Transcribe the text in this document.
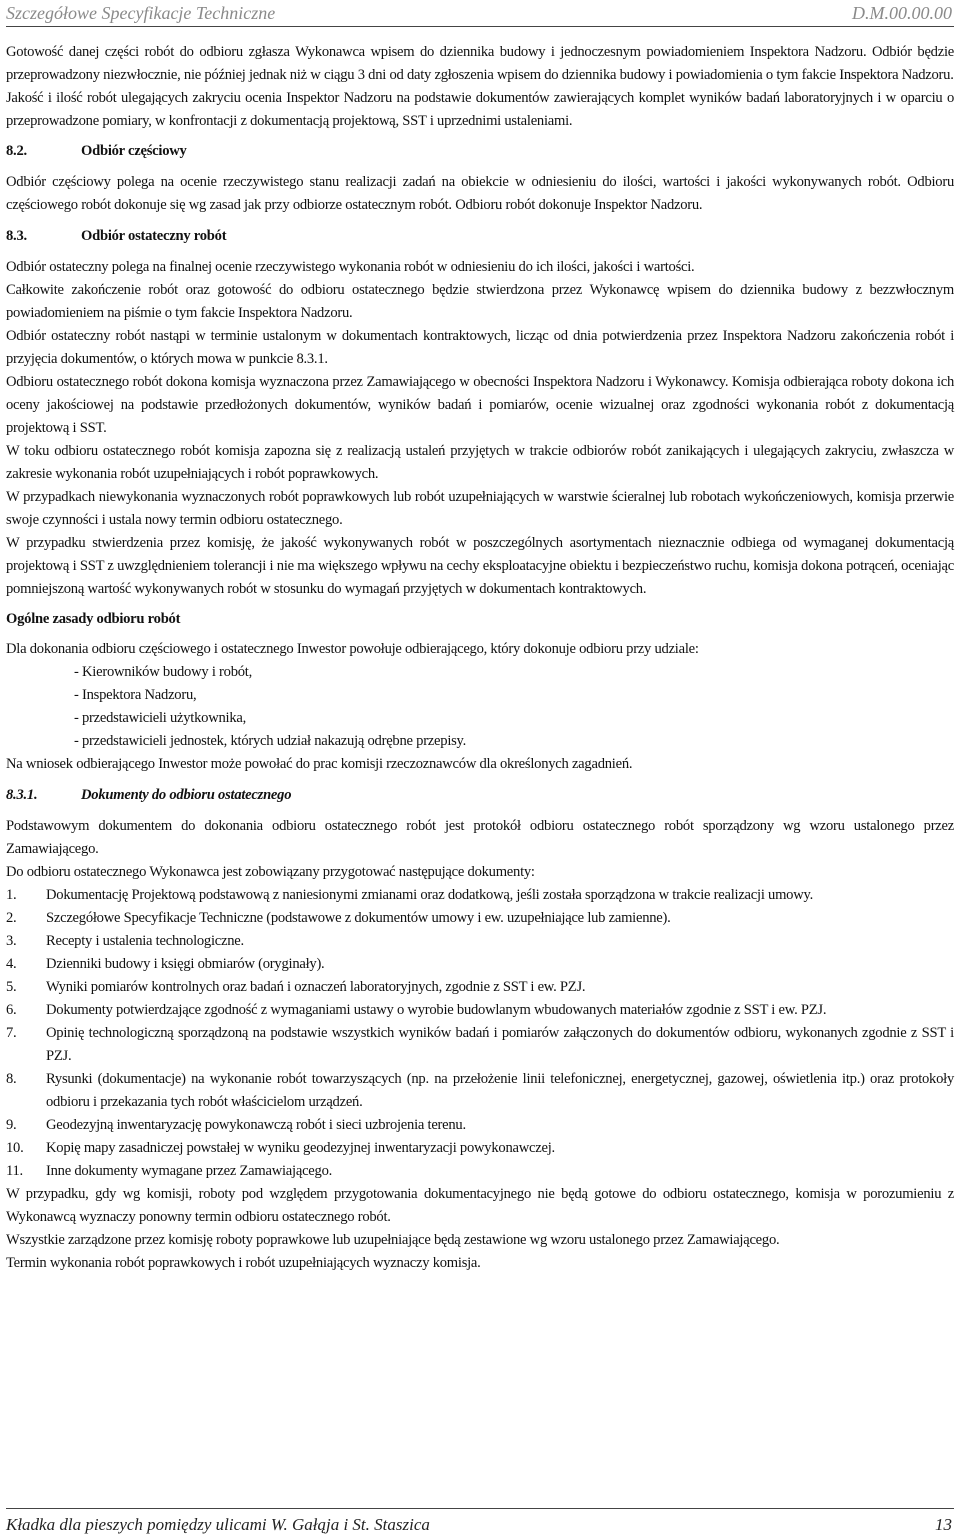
Szczegółowe Specyfikacje Techniczne	D.M.00.00.00

Gotowość danej części robót do odbioru zgłasza Wykonawca wpisem do dziennika budowy i jednoczesnym powiadomieniem Inspektora Nadzoru. Odbiór będzie przeprowadzony niezwłocznie, nie później jednak niż w ciągu 3 dni od daty zgłoszenia wpisem do dziennika budowy i powiadomienia o tym fakcie Inspektora Nadzoru.

Jakość i ilość robót ulegających zakryciu ocenia Inspektor Nadzoru na podstawie dokumentów zawierających komplet wyników badań laboratoryjnych i w oparciu o przeprowadzone pomiary, w konfrontacji z dokumentacją projektową, SST i uprzednimi ustaleniami.

8.2.	Odbiór częściowy

Odbiór częściowy polega na ocenie rzeczywistego stanu realizacji zadań na obiekcie w odniesieniu do ilości, wartości i jakości wykonywanych robót. Odbioru częściowego robót dokonuje się wg zasad jak przy odbiorze ostatecznym robót. Odbioru robót dokonuje Inspektor Nadzoru.

8.3.	Odbiór ostateczny robót

Odbiór ostateczny polega na finalnej ocenie rzeczywistego wykonania robót w odniesieniu do ich ilości, jakości i wartości.

Całkowite zakończenie robót oraz gotowość do odbioru ostatecznego będzie stwierdzona przez Wykonawcę wpisem do dziennika budowy z bezzwłocznym powiadomieniem na piśmie o tym fakcie Inspektora Nadzoru.

Odbiór ostateczny robót nastąpi w terminie ustalonym w dokumentach kontraktowych, licząc od dnia potwierdzenia przez Inspektora Nadzoru zakończenia robót i przyjęcia dokumentów, o których mowa w punkcie 8.3.1.

Odbioru ostatecznego robót dokona komisja wyznaczona przez Zamawiającego w obecności Inspektora Nadzoru i Wykonawcy. Komisja odbierająca roboty dokona ich oceny jakościowej na podstawie przedłożonych dokumentów, wyników badań i pomiarów, ocenie wizualnej oraz zgodności wykonania robót z dokumentacją projektową i SST.

W toku odbioru ostatecznego robót komisja zapozna się z realizacją ustaleń przyjętych w trakcie odbiorów robót zanikających i ulegających zakryciu, zwłaszcza w zakresie wykonania robót uzupełniających i robót poprawkowych.

W przypadkach niewykonania wyznaczonych robót poprawkowych lub robót uzupełniających w warstwie ścieralnej lub robotach wykończeniowych, komisja przerwie swoje czynności i ustala nowy termin odbioru ostatecznego.

W przypadku stwierdzenia przez komisję, że jakość wykonywanych robót w poszczególnych asortymentach nieznacznie odbiega od wymaganej dokumentacją projektową i SST z uwzględnieniem tolerancji i nie ma większego wpływu na cechy eksploatacyjne obiektu i bezpieczeństwo ruchu, komisja dokona potrąceń, oceniając pomniejszoną wartość wykonywanych robót w stosunku do wymagań przyjętych w dokumentach kontraktowych.

Ogólne zasady odbioru robót

Dla dokonania odbioru częściowego i ostatecznego Inwestor powołuje odbierającego, który dokonuje odbioru przy udziale:

- Kierowników budowy i robót,
- Inspektora Nadzoru,
- przedstawicieli użytkownika,
- przedstawicieli jednostek, których udział nakazują odrębne przepisy.

Na wniosek odbierającego Inwestor może powołać do prac komisji rzeczoznawców dla określonych zagadnień.

8.3.1.	Dokumenty do odbioru ostatecznego

Podstawowym dokumentem do dokonania odbioru ostatecznego robót jest protokół odbioru ostatecznego robót sporządzony wg wzoru ustalonego przez Zamawiającego.

Do odbioru ostatecznego Wykonawca jest zobowiązany przygotować następujące dokumenty:

1. Dokumentację Projektową podstawową z naniesionymi zmianami oraz dodatkową, jeśli została sporządzona w trakcie realizacji umowy.
2. Szczegółowe Specyfikacje Techniczne (podstawowe z dokumentów umowy i ew. uzupełniające lub zamienne).
3. Recepty i ustalenia technologiczne.
4. Dzienniki budowy i księgi obmiarów (oryginały).
5. Wyniki pomiarów kontrolnych oraz badań i oznaczeń laboratoryjnych, zgodnie z SST i ew. PZJ.
6. Dokumenty potwierdzające zgodność z wymaganiami ustawy o wyrobie budowlanym wbudowanych materiałów zgodnie z SST i ew. PZJ.
7. Opinię technologiczną sporządzoną na podstawie wszystkich wyników badań i pomiarów załączonych do dokumentów odbioru, wykonanych zgodnie z SST i PZJ.
8. Rysunki (dokumentacje) na wykonanie robót towarzyszących (np. na przełożenie linii telefonicznej, energetycznej, gazowej, oświetlenia itp.) oraz protokoły odbioru i przekazania tych robót właścicielom urządzeń.
9. Geodezyjną inwentaryzację powykonawczą robót i sieci uzbrojenia terenu.
10. Kopię mapy zasadniczej powstałej w wyniku geodezyjnej inwentaryzacji powykonawczej.
11. Inne dokumenty wymagane przez Zamawiającego.

W przypadku, gdy wg komisji, roboty pod względem przygotowania dokumentacyjnego nie będą gotowe do odbioru ostatecznego, komisja w porozumieniu z Wykonawcą wyznaczy ponowny termin odbioru ostatecznego robót.

Wszystkie zarządzone przez komisję roboty poprawkowe lub uzupełniające będą zestawione wg wzoru ustalonego przez Zamawiającego.

Termin wykonania robót poprawkowych i robót uzupełniających wyznaczy komisja.

Kładka dla pieszych pomiędzy ulicami W. Gałąja i St. Staszica	13
